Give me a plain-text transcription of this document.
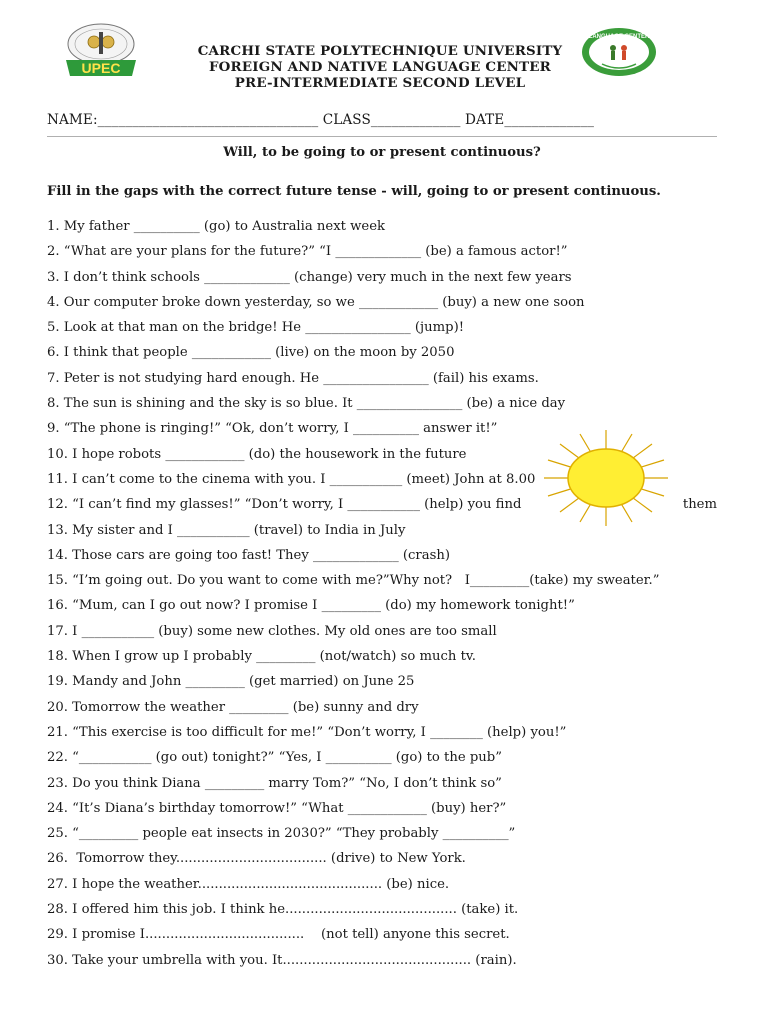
UPEC
CARCHI STATE POLYTECHNIQUE UNIVERSITY
FOREIGN AND NATIVE LANGUAGE CENTER
PRE-INTERMEDIATE SECOND LEVEL
LANGUAGE CENTER
NAME:________________________________ CLASS_____________ DATE_____________
Will, to be going to or present continuous?
Fill in the gaps with the correct future tense - will, going to or present continuous.
1. My father __________ (go) to Australia next week
2. “What are your plans for the future?” “I _____________ (be) a famous actor!”
3. I don’t think schools _____________ (change) very much in the next few years
4. Our computer broke down yesterday, so we ____________ (buy) a new one soon
5. Look at that man on the bridge! He ________________ (jump)!
6. I think that people ____________ (live) on the moon by 2050
7. Peter is not studying hard enough. He ________________ (fail) his exams.
8. The sun is shining and the sky is so blue. It ________________ (be) a nice day
9. “The phone is ringing!” “Ok, don’t worry, I __________ answer it!”
10. I hope robots ____________ (do) the housework in the future
11. I can’t come to the cinema with you. I ___________ (meet) John at 8.00
12. “I can’t find my glasses!” “Don’t worry, I ___________ (help) you find	them
13. My sister and I ___________ (travel) to India in July
14. Those cars are going too fast! They _____________ (crash)
15. “I’m going out. Do you want to come with me?”Why not?   I_________(take) my sweater.”
16. “Mum, can I go out now? I promise I _________ (do) my homework tonight!”
17. I ___________ (buy) some new clothes. My old ones are too small
18. When I grow up I probably _________ (not/watch) so much tv.
19. Mandy and John _________ (get married) on June 25
20. Tomorrow the weather _________ (be) sunny and dry
21. “This exercise is too difficult for me!” “Don’t worry, I ________ (help) you!”
22. “___________ (go out) tonight?” “Yes, I __________ (go) to the pub”
23. Do you think Diana _________ marry Tom?” “No, I don’t think so”
24. “It’s Diana’s birthday tomorrow!” “What ____________ (buy) her?”
25. “_________ people eat insects in 2030?” “They probably __________”
26.  Tomorrow they.................................... (drive) to New York.
27. I hope the weather............................................ (be) nice.
28. I offered him this job. I think he......................................... (take) it.
29. I promise I......................................    (not tell) anyone this secret.
30. Take your umbrella with you. It............................................. (rain).
